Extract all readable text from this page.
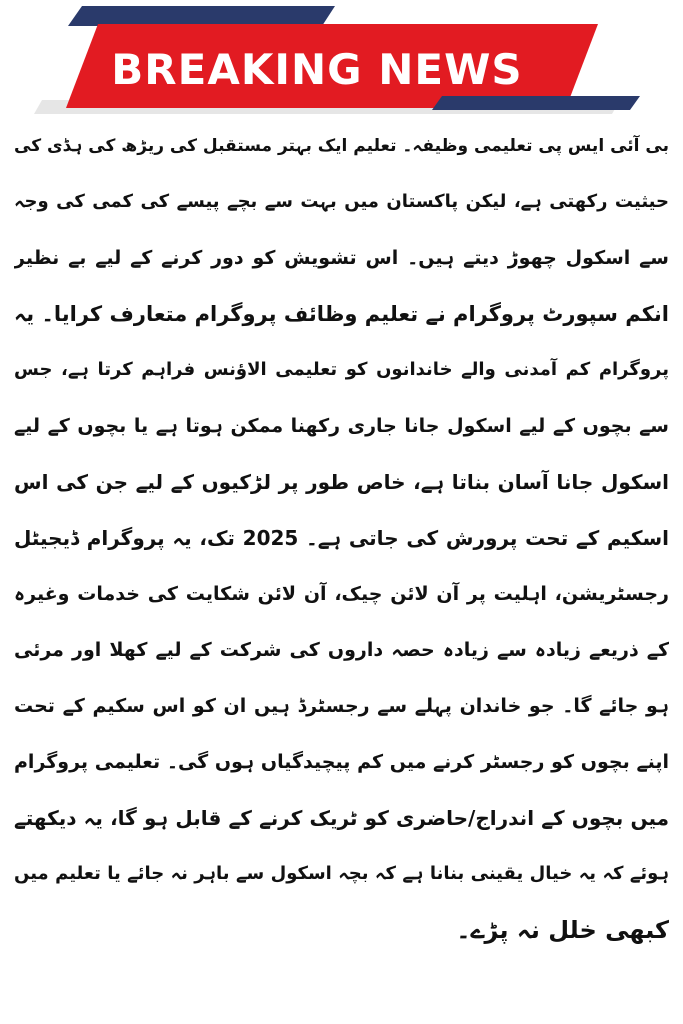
BREAKING NEWS
بی آئی ایس پی تعلیمی وظیفہ۔ تعلیم ایک بہتر مستقبل کی ریڑھ کی ہڈی کی
حیثیت رکھتی ہے، لیکن پاکستان میں بہت سے بچے پیسے کی کمی کی وجہ
سے اسکول چھوڑ دیتے ہیں۔ اس تشویش کو دور کرنے کے لیے بے نظیر
انکم سپورٹ پروگرام نے تعلیم وظائف پروگرام متعارف کرایا۔ یہ
پروگرام کم آمدنی والے خاندانوں کو تعلیمی الاؤنس فراہم کرتا ہے، جس
سے بچوں کے لیے اسکول جانا جاری رکھنا ممکن ہوتا ہے یا بچوں کے لیے
اسکول جانا آسان بناتا ہے، خاص طور پر لڑکیوں کے لیے جن کی اس
اسکیم کے تحت پرورش کی جاتی ہے۔ 2025 تک، یہ پروگرام ڈیجیٹل
رجسٹریشن، اہلیت پر آن لائن چیک، آن لائن شکایت کی خدمات وغیرہ
کے ذریعے زیادہ سے زیادہ حصہ داروں کی شرکت کے لیے کھلا اور مرئی
ہو جائے گا۔ جو خاندان پہلے سے رجسٹرڈ ہیں ان کو اس سکیم کے تحت
اپنے بچوں کو رجسٹر کرنے میں کم پیچیدگیاں ہوں گی۔ تعلیمی پروگرام
میں بچوں کے اندراج/حاضری کو ٹریک کرنے کے قابل ہو گا، یہ دیکھتے
ہوئے کہ یہ خیال یقینی بنانا ہے کہ بچہ اسکول سے باہر نہ جائے یا تعلیم میں
کبھی خلل نہ پڑے۔
